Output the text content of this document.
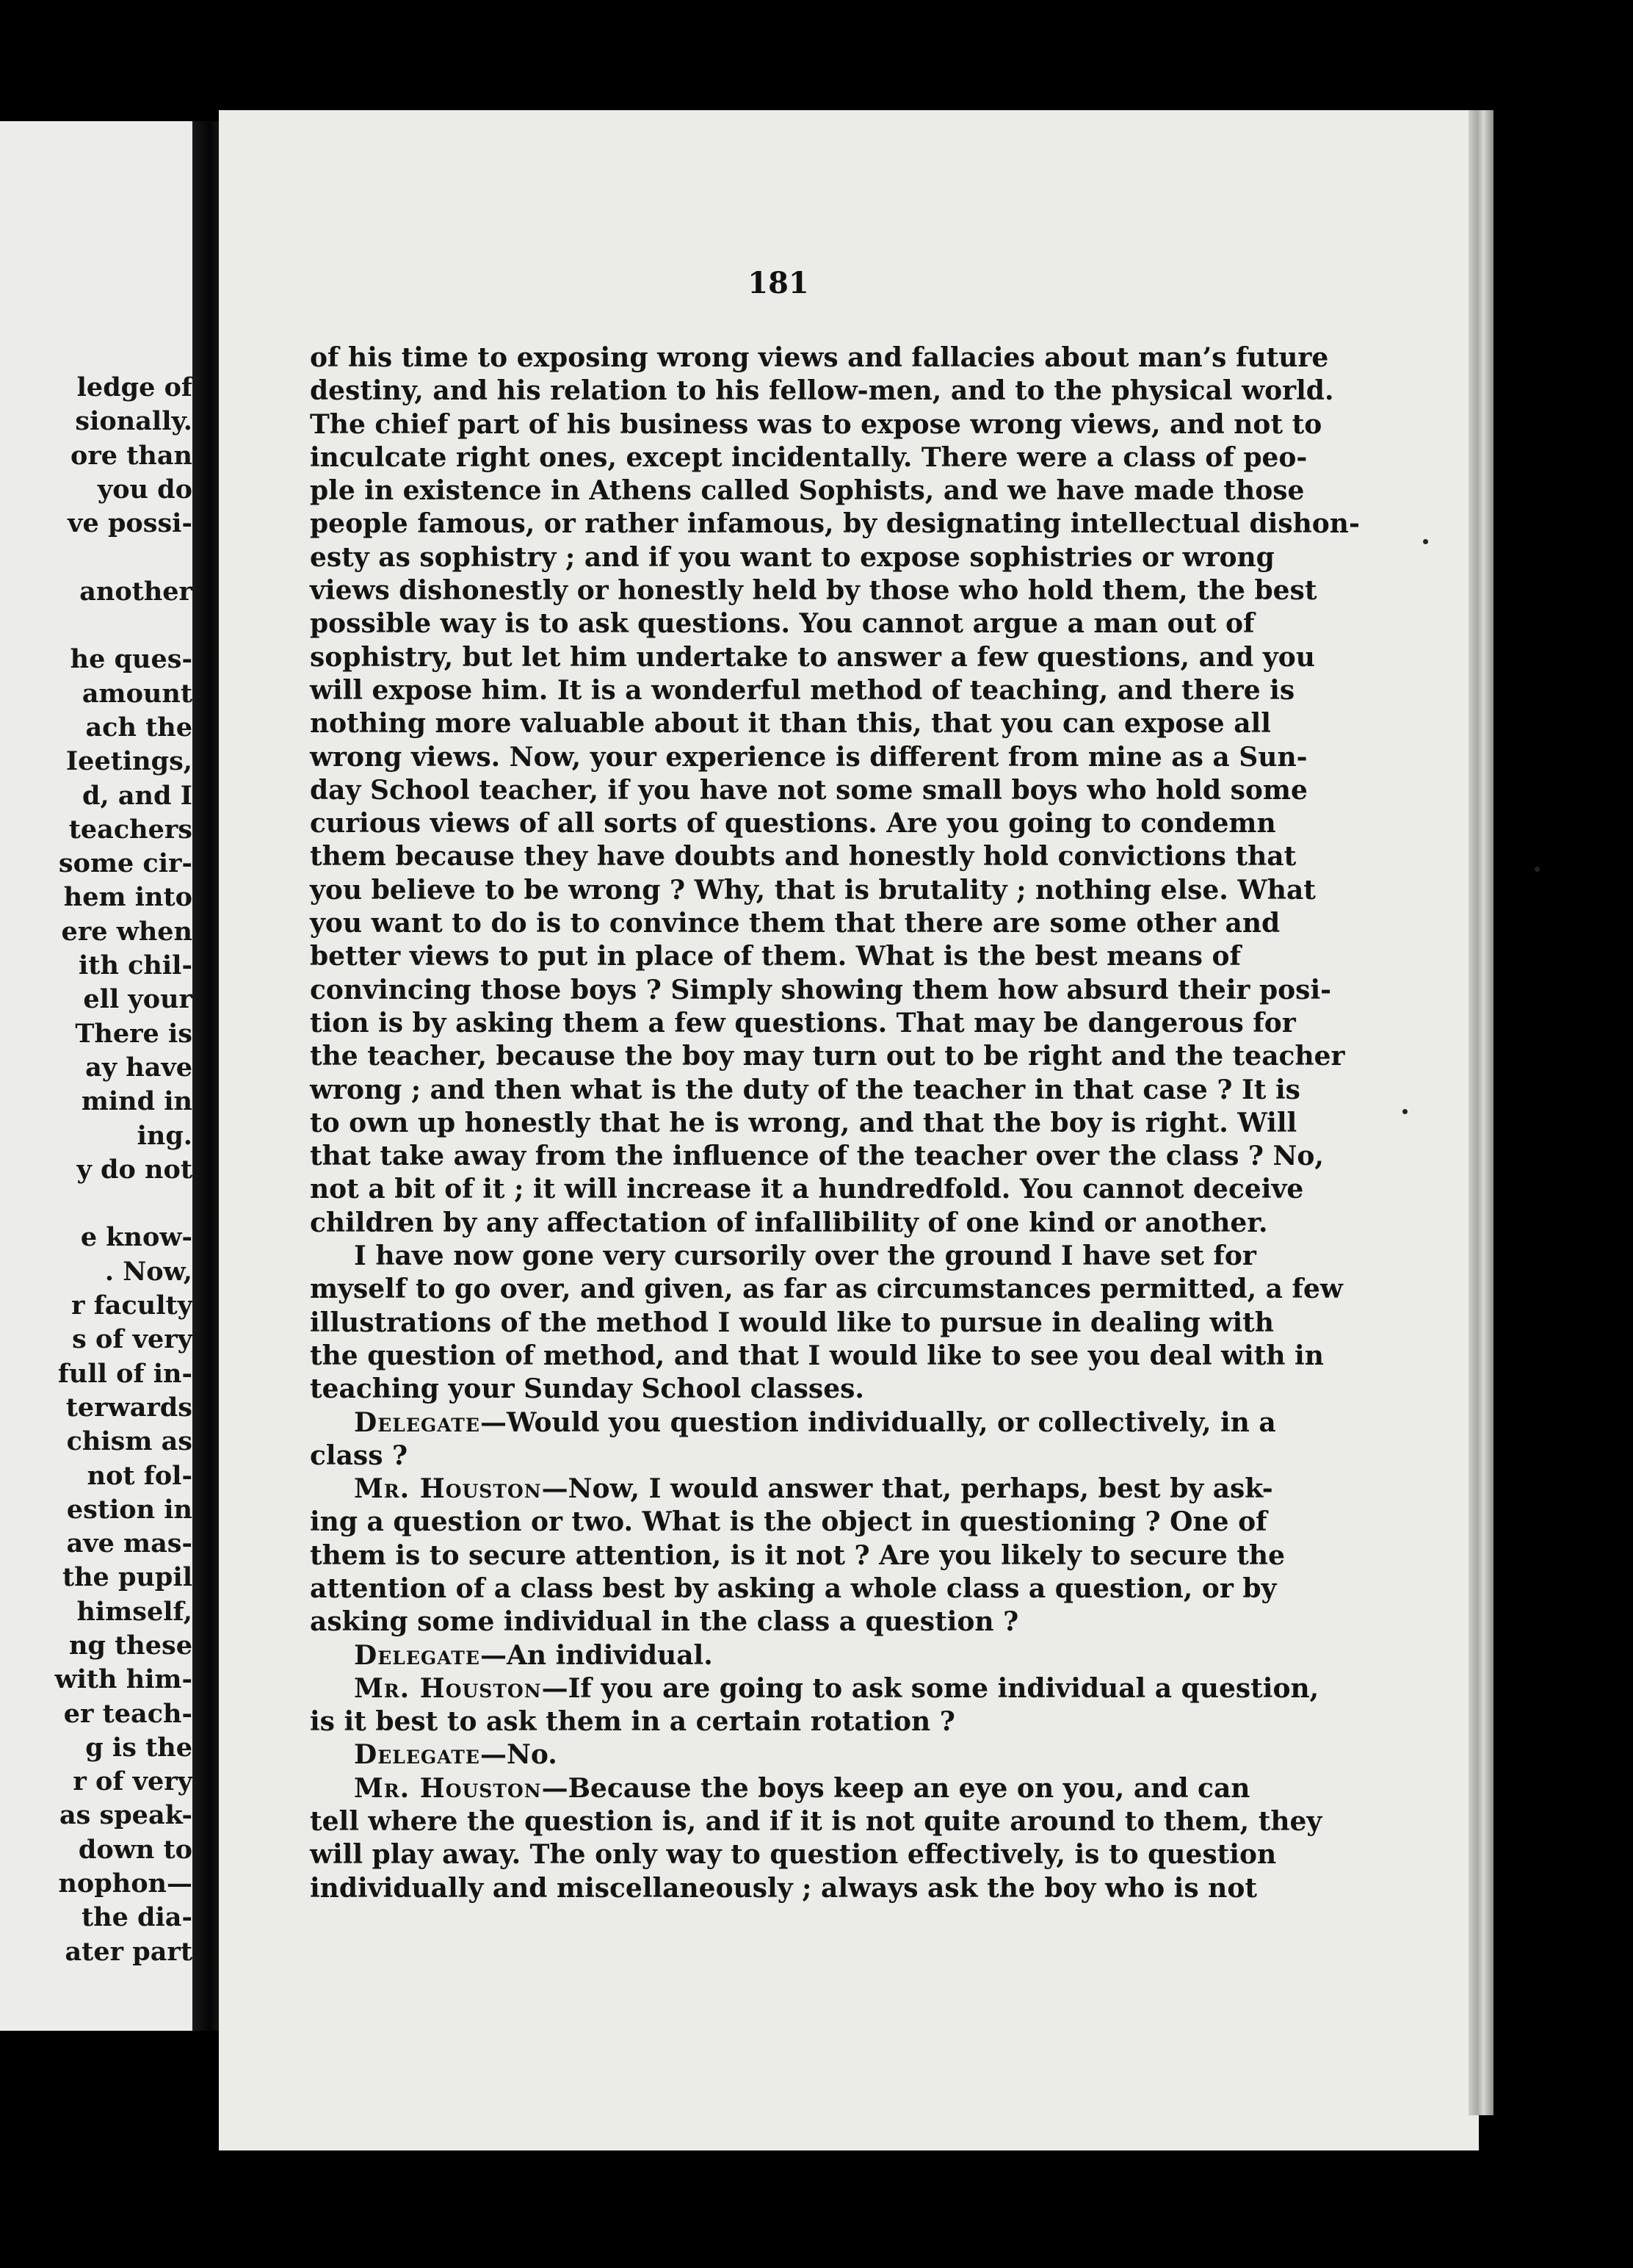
ledge of
sionally.
ore than
you do
ve possi-
another
he ques-
amount
ach the
Ieetings,
d, and I
teachers
some cir-
hem into
ere when
ith chil-
ell your
There is
ay have
mind in
ing.
y do not
e know-
. Now,
r faculty
s of very
full of in-
terwards
chism as
not fol-
estion in
ave mas-
the pupil
himself,
ng these
with him-
er teach-
g is the
r of very
as speak-
down to
nophon—
the dia-
ater part
181
of his time to exposing wrong views and fallacies about man’s future
destiny, and his relation to his fellow-men, and to the physical world.
The chief part of his business was to expose wrong views, and not to
inculcate right ones, except incidentally. There were a class of peo-
ple in existence in Athens called Sophists, and we have made those
people famous, or rather infamous, by designating intellectual dishon-
esty as sophistry ; and if you want to expose sophistries or wrong
views dishonestly or honestly held by those who hold them, the best
possible way is to ask questions. You cannot argue a man out of
sophistry, but let him undertake to answer a few questions, and you
will expose him. It is a wonderful method of teaching, and there is
nothing more valuable about it than this, that you can expose all
wrong views. Now, your experience is different from mine as a Sun-
day School teacher, if you have not some small boys who hold some
curious views of all sorts of questions. Are you going to condemn
them because they have doubts and honestly hold convictions that
you believe to be wrong ? Why, that is brutality ; nothing else. What
you want to do is to convince them that there are some other and
better views to put in place of them. What is the best means of
convincing those boys ? Simply showing them how absurd their posi-
tion is by asking them a few questions. That may be dangerous for
the teacher, because the boy may turn out to be right and the teacher
wrong ; and then what is the duty of the teacher in that case ? It is
to own up honestly that he is wrong, and that the boy is right. Will
that take away from the influence of the teacher over the class ? No,
not a bit of it ; it will increase it a hundredfold. You cannot deceive
children by any affectation of infallibility of one kind or another.
I have now gone very cursorily over the ground I have set for
myself to go over, and given, as far as circumstances permitted, a few
illustrations of the method I would like to pursue in dealing with
the question of method, and that I would like to see you deal with in
teaching your Sunday School classes.
Delegate—Would you question individually, or collectively, in a
class ?
Mr. Houston—Now, I would answer that, perhaps, best by ask-
ing a question or two. What is the object in questioning ? One of
them is to secure attention, is it not ? Are you likely to secure the
attention of a class best by asking a whole class a question, or by
asking some individual in the class a question ?
Delegate—An individual.
Mr. Houston—If you are going to ask some individual a question,
is it best to ask them in a certain rotation ?
Delegate—No.
Mr. Houston—Because the boys keep an eye on you, and can
tell where the question is, and if it is not quite around to them, they
will play away. The only way to question effectively, is to question
individually and miscellaneously ; always ask the boy who is not
